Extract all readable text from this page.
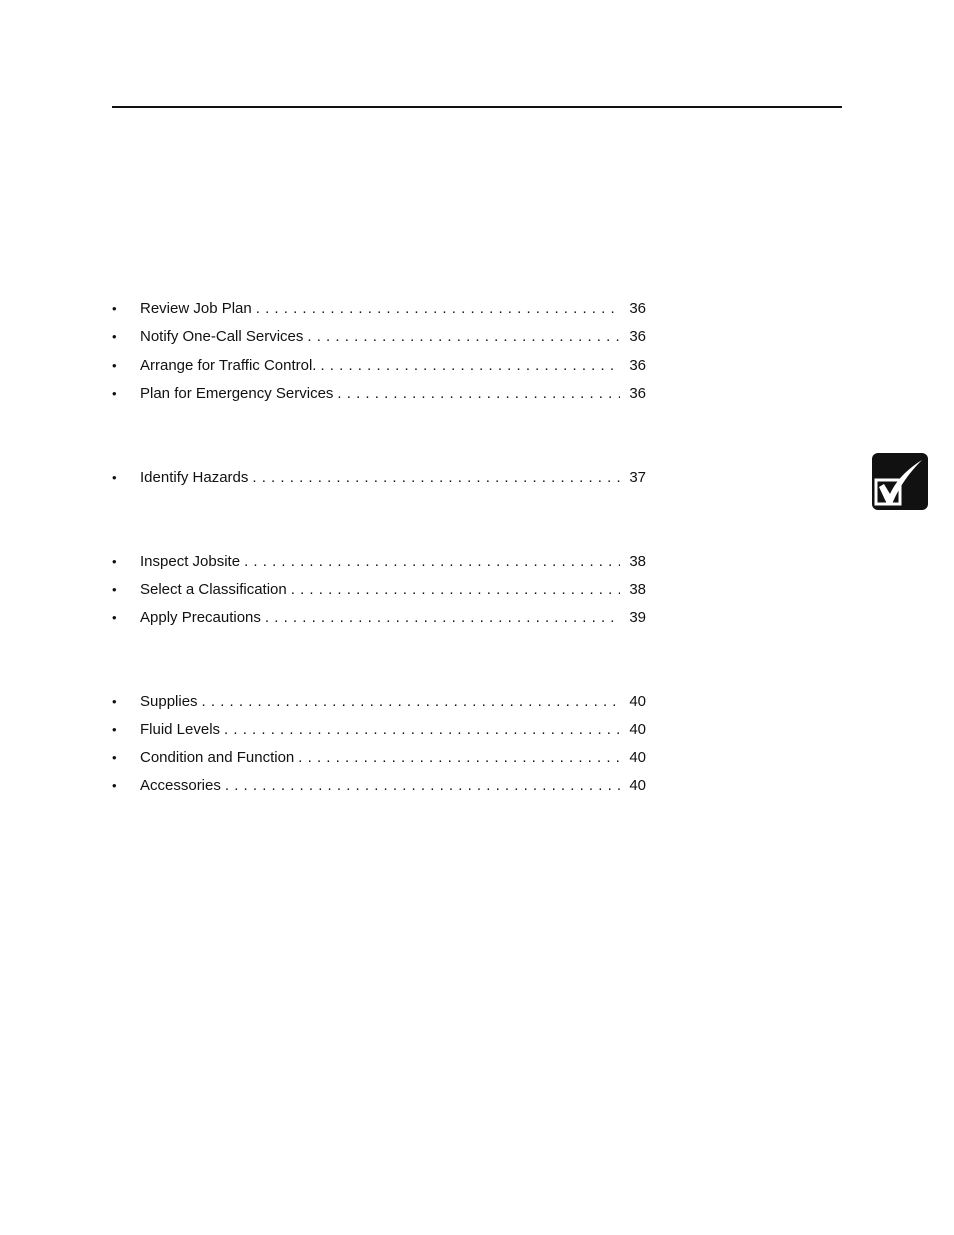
•	Review Job Plan . . .	36
•	Notify One-Call Services . . .	36
•	Arrange for Traffic Control. . . .	36
•	Plan for Emergency Services . . .	36
•	Identify Hazards . . .	37
•	Inspect Jobsite . . .	38
•	Select a Classification . . .	38
•	Apply Precautions . . .	39
•	Supplies . . .	40
•	Fluid Levels . . .	40
•	Condition and Function . . .	40
•	Accessories . . .	40
